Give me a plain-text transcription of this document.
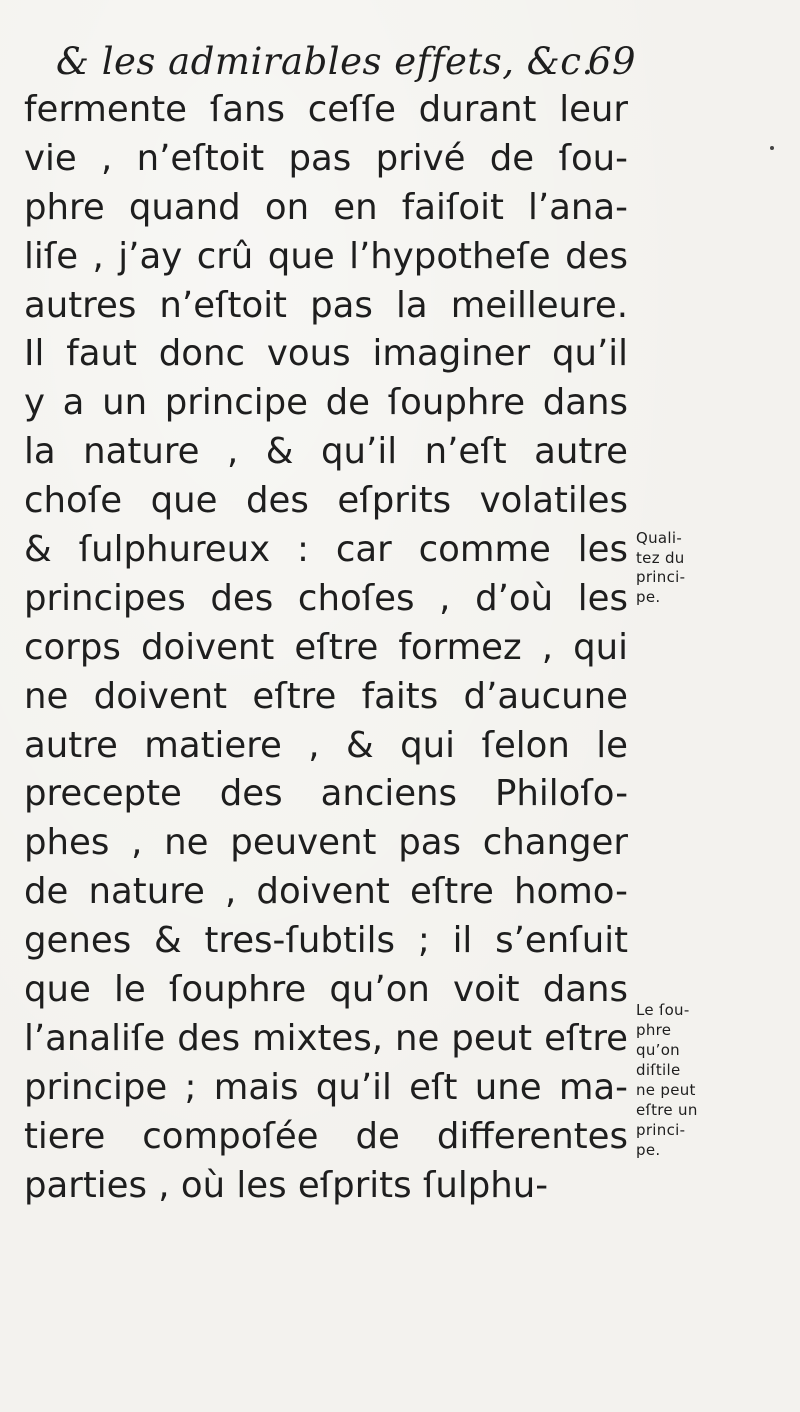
& les admirables effets, &c.
69
fermente ſans ceſſe durant leur
vie , n’eſtoit pas privé de ſou-
phre quand on en faiſoit l’ana-
liſe , j’ay crû que l’hypotheſe des
autres n’eſtoit pas la meilleure.
Il faut donc vous imaginer qu’il
y a un principe de ſouphre dans
la nature , & qu’il n’eſt autre
choſe que des eſprits volatiles
& ſulphureux : car comme les
principes des choſes , d’où les
corps doivent eſtre formez , qui
ne doivent eſtre faits d’aucune
autre matiere , & qui ſelon le
precepte des anciens Philoſo-
phes , ne peuvent pas changer
de nature , doivent eſtre homo-
genes & tres-ſubtils ; il s’enſuit
que le ſouphre qu’on voit dans
l’analiſe des mixtes, ne peut eſtre
principe ; mais qu’il eſt une ma-
tiere compoſée de differentes
parties , où les eſprits ſulphu-
Quali-
tez du
princi-
pe.
Le ſou-
phre
qu’on
diſtile
ne peut
eſtre un
princi-
pe.
